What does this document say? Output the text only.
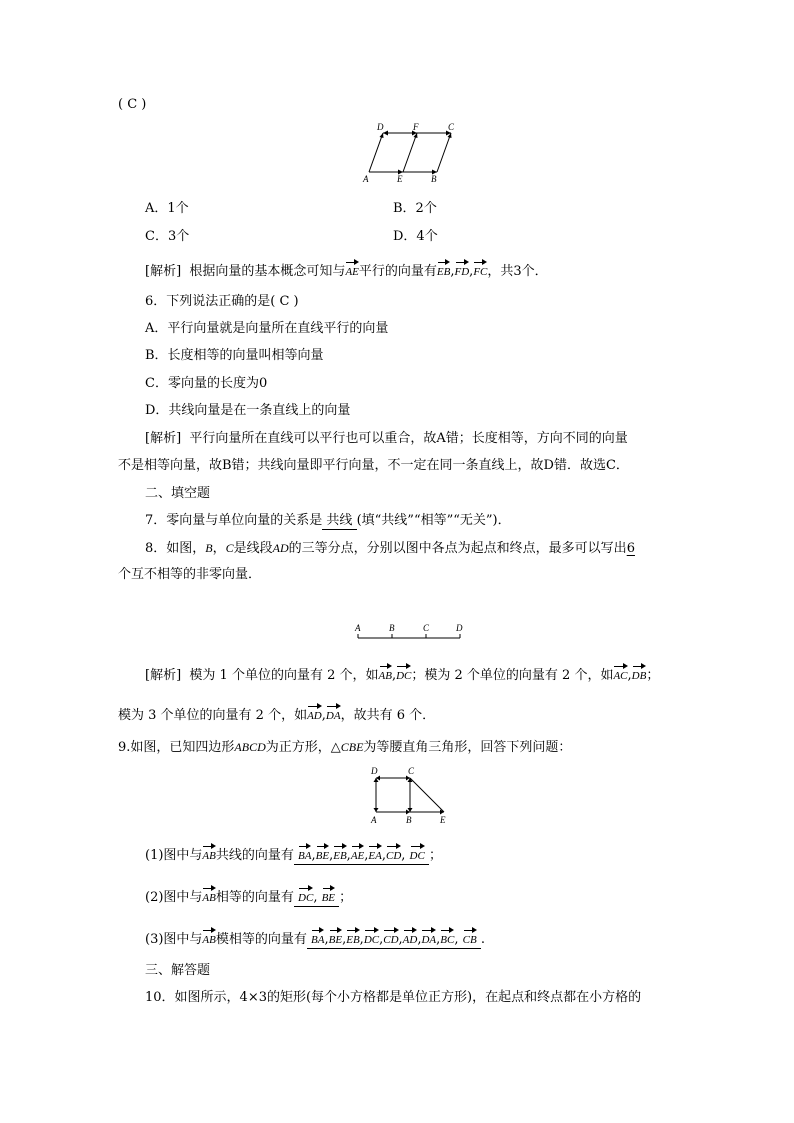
( C )
D	F	C
A	E	B
A．1个	B．2个
C．3个	D．4个
[解析] 根据向量的基本概念可知与AE平行的向量有EB,FD,FC，共3个．
6．下列说法正确的是( C )
A．平行向量就是向量所在直线平行的向量
B．长度相等的向量叫相等向量
C．零向量的长度为0
D．共线向量是在一条直线上的向量
[解析] 平行向量所在直线可以平行也可以重合，故A错；长度相等，方向不同的向量
不是相等向量，故B错；共线向量即平行向量，不一定在同一条直线上，故D错．故选C．
二、填空题
7．零向量与单位向量的关系是 共线 (填“共线”“相等”“无关”)．
8．如图，B，C是线段AD的三等分点，分别以图中各点为起点和终点，最多可以写出6
个互不相等的非零向量．
A	B	C	D
[解析] 模为 1 个单位的向量有 2 个，如AB,DC；模为 2 个单位的向量有 2 个，如AC,DB；
模为 3 个单位的向量有 2 个，如AD,DA，故共有 6 个．
9.如图，已知四边形ABCD为正方形，△CBE为等腰直角三角形，回答下列问题：
D	C
A	B	E
(1)图中与AB共线的向量有 BA,BE,EB,AE,EA,CD, DC ；
(2)图中与AB相等的向量有 DC, BE ；
(3)图中与AB模相等的向量有 BA,BE,EB,DC,CD,AD,DA,BC, CB .
三、解答题
10．如图所示，4×3的矩形(每个小方格都是单位正方形)，在起点和终点都在小方格的
